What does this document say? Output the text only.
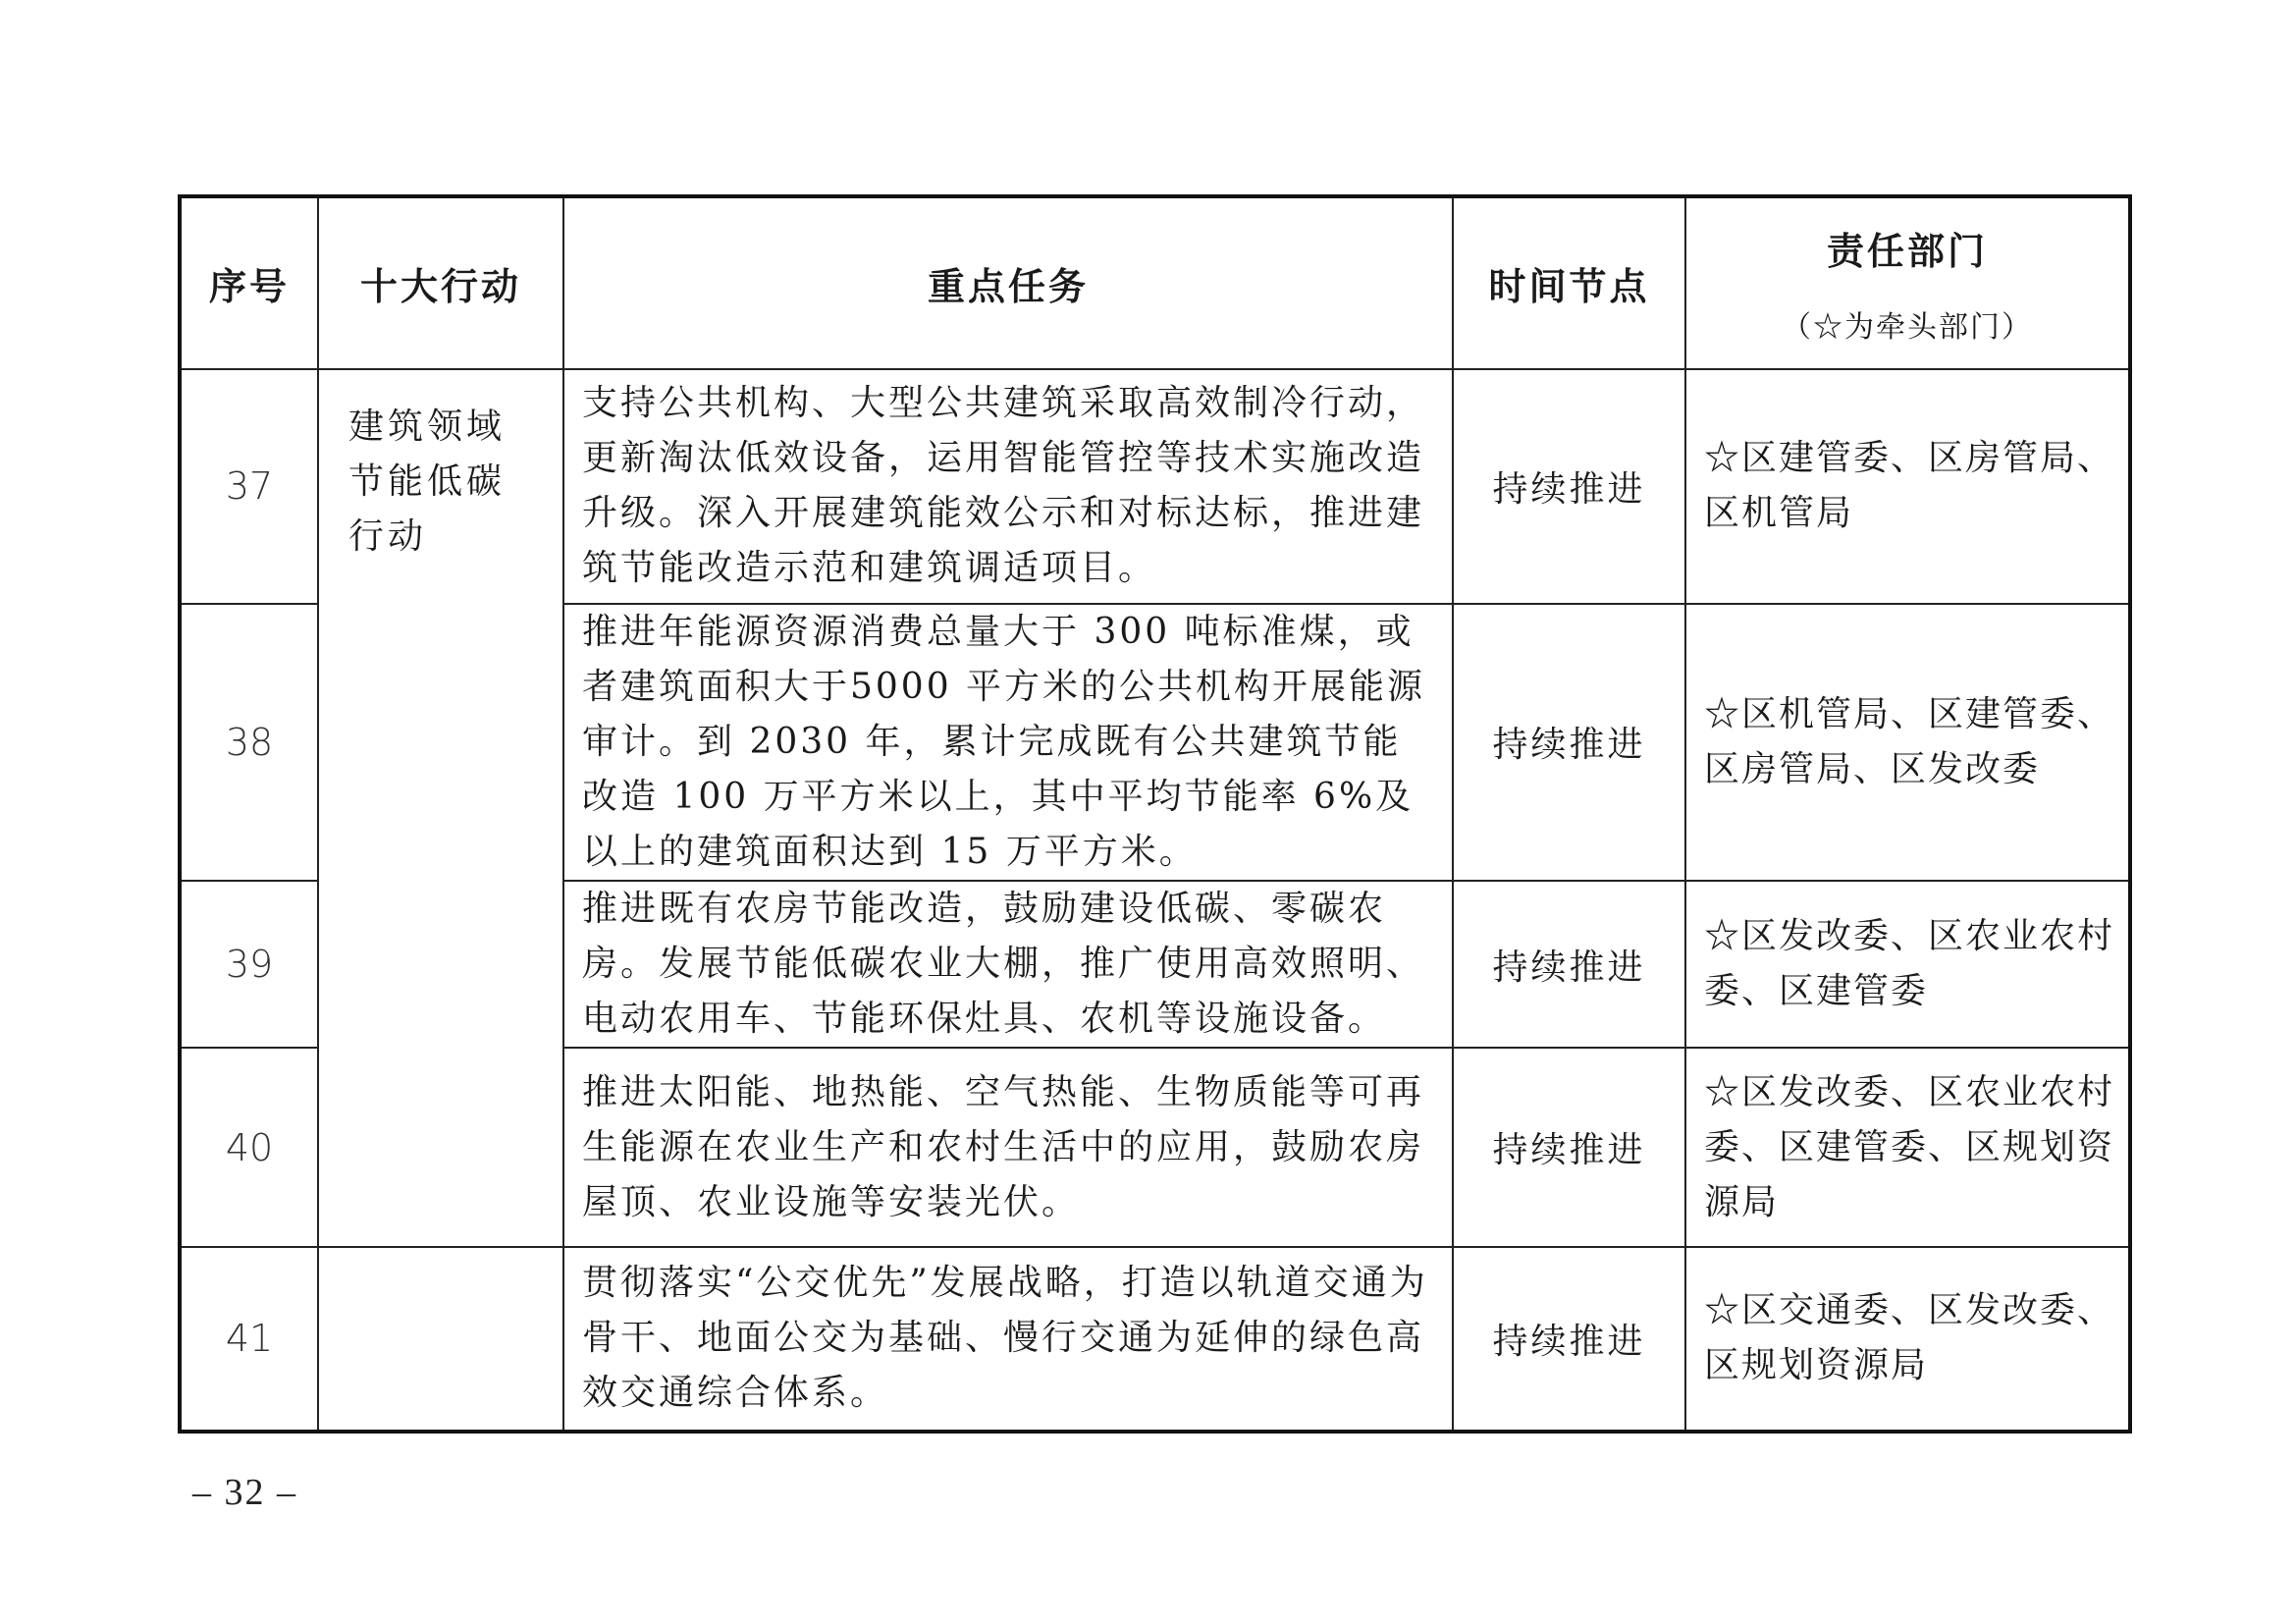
序号	十大行动	重点任务	时间节点	责任部门
（☆为牵头部门）

37	建筑领域节能低碳行动	支持公共机构、大型公共建筑采取高效制冷行动，更新淘汰低效设备，运用智能管控等技术实施改造升级。深入开展建筑能效公示和对标达标，推进建筑节能改造示范和建筑调适项目。	持续推进	☆区建管委、区房管局、区机管局
38		推进年能源资源消费总量大于 300 吨标准煤，或者建筑面积大于5000 平方米的公共机构开展能源审计。到 2030 年，累计完成既有公共建筑节能改造 100 万平方米以上，其中平均节能率 6%及以上的建筑面积达到 15 万平方米。	持续推进	☆区机管局、区建管委、区房管局、区发改委
39		推进既有农房节能改造，鼓励建设低碳、零碳农房。发展节能低碳农业大棚，推广使用高效照明、电动农用车、节能环保灶具、农机等设施设备。	持续推进	☆区发改委、区农业农村委、区建管委
40		推进太阳能、地热能、空气热能、生物质能等可再生能源在农业生产和农村生活中的应用，鼓励农房屋顶、农业设施等安装光伏。	持续推进	☆区发改委、区农业农村委、区建管委、区规划资源局
41		贯彻落实“公交优先”发展战略，打造以轨道交通为骨干、地面公交为基础、慢行交通为延伸的绿色高效交通综合体系。	持续推进	☆区交通委、区发改委、区规划资源局
– 32 –
